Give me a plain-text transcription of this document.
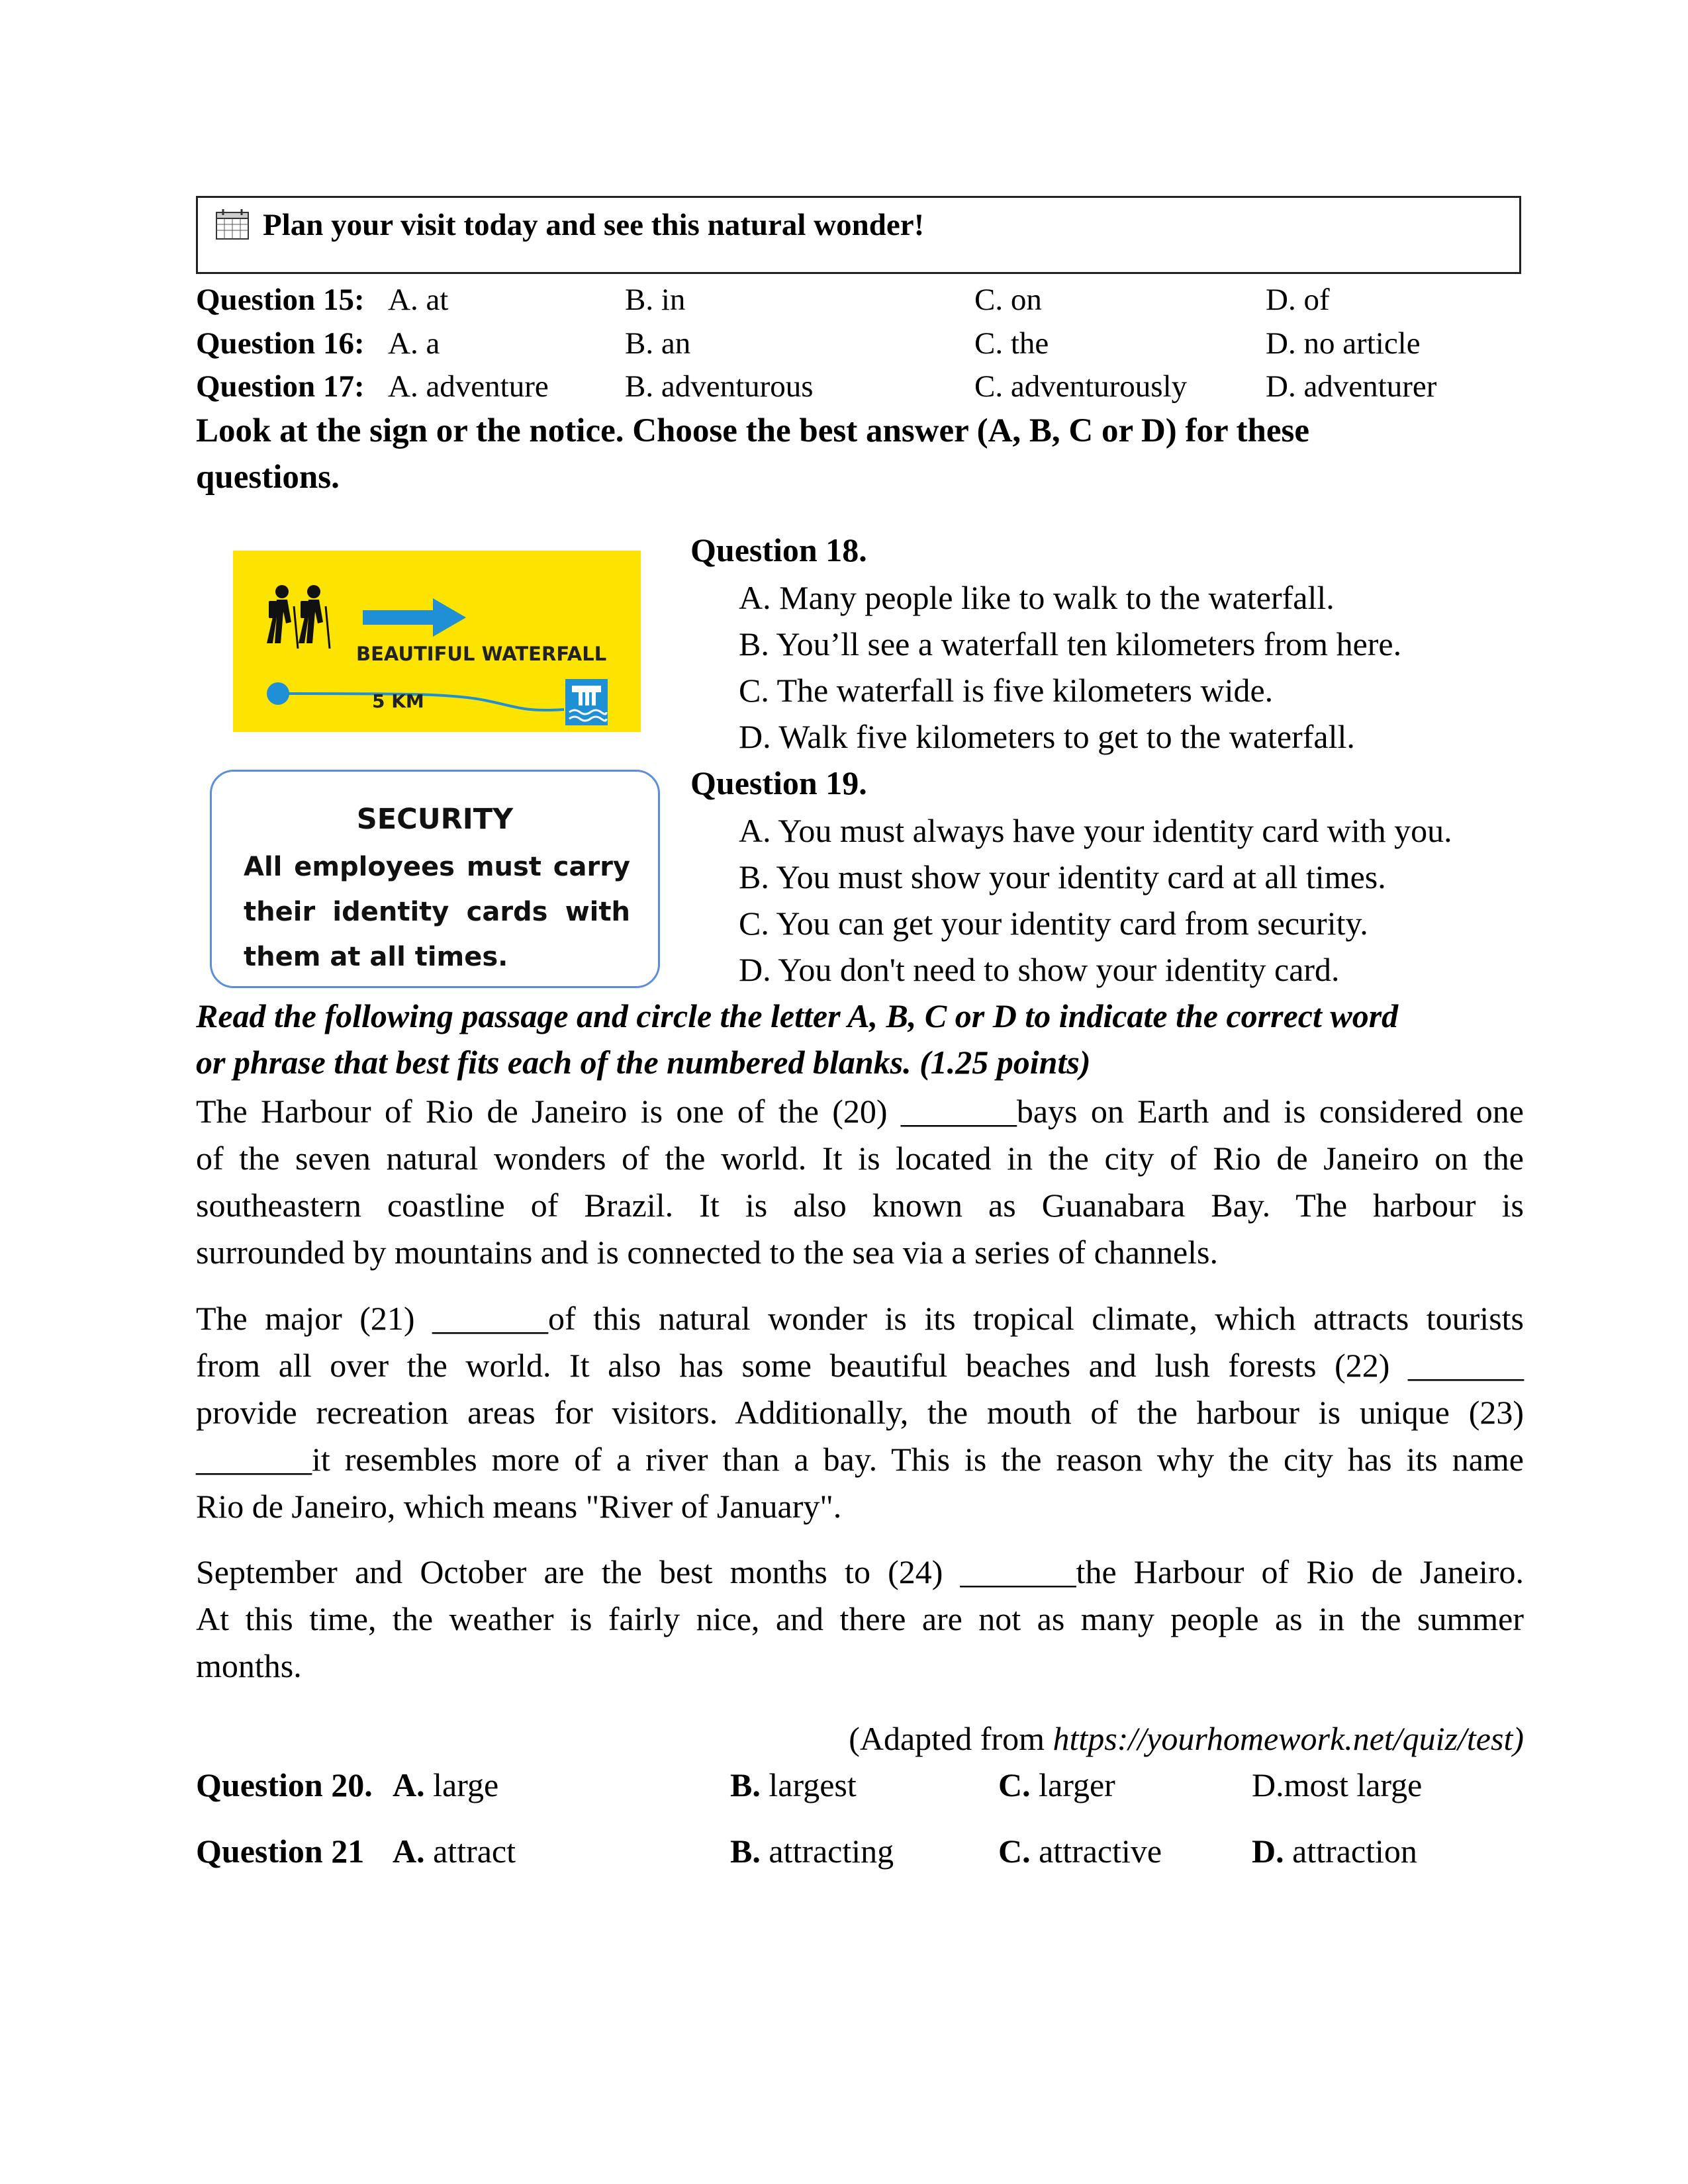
Plan your visit today and see this natural wonder!
Question 15: A. at	B. in	C. on	D. of
Question 16: A. a	B. an	C. the	D. no article
Question 17: A. adventure B. adventurous	C. adventurously	D. adventurer
Look at the sign or the notice. Choose the best answer (A, B, C or D) for these
questions.
BEAUTIFUL WATERFALL
5 KM
SECURITY
All employees must carry
their identity cards with
them at all times.
Question 18.
A. Many people like to walk to the waterfall.
B. You’ll see a waterfall ten kilometers from here.
C. The waterfall is five kilometers wide.
D. Walk five kilometers to get to the waterfall.
Question 19.
A. You must always have your identity card with you.
B. You must show your identity card at all times.
C. You can get your identity card from security.
D. You don't need to show your identity card.
Read the following passage and circle the letter A, B, C or D to indicate the correct word
or phrase that best fits each of the numbered blanks. (1.25 points)
The Harbour of Rio de Janeiro is one of the (20) _______bays on Earth and is considered one
of the seven natural wonders of the world. It is located in the city of Rio de Janeiro on the
southeastern coastline of Brazil. It is also known as Guanabara Bay. The harbour is
surrounded by mountains and is connected to the sea via a series of channels.
The major (21) _______of this natural wonder is its tropical climate, which attracts tourists
from all over the world. It also has some beautiful beaches and lush forests (22) _______
provide recreation areas for visitors. Additionally, the mouth of the harbour is unique (23)
_______it resembles more of a river than a bay. This is the reason why the city has its name
Rio de Janeiro, which means "River of January".
September and October are the best months to (24) _______the Harbour of Rio de Janeiro.
At this time, the weather is fairly nice, and there are not as many people as in the summer
months.
(Adapted from https://yourhomework.net/quiz/test)
Question 20. A. large	B. largest	C. larger	D.most large
Question 21 A. attract	B. attracting	C. attractive	D. attraction
